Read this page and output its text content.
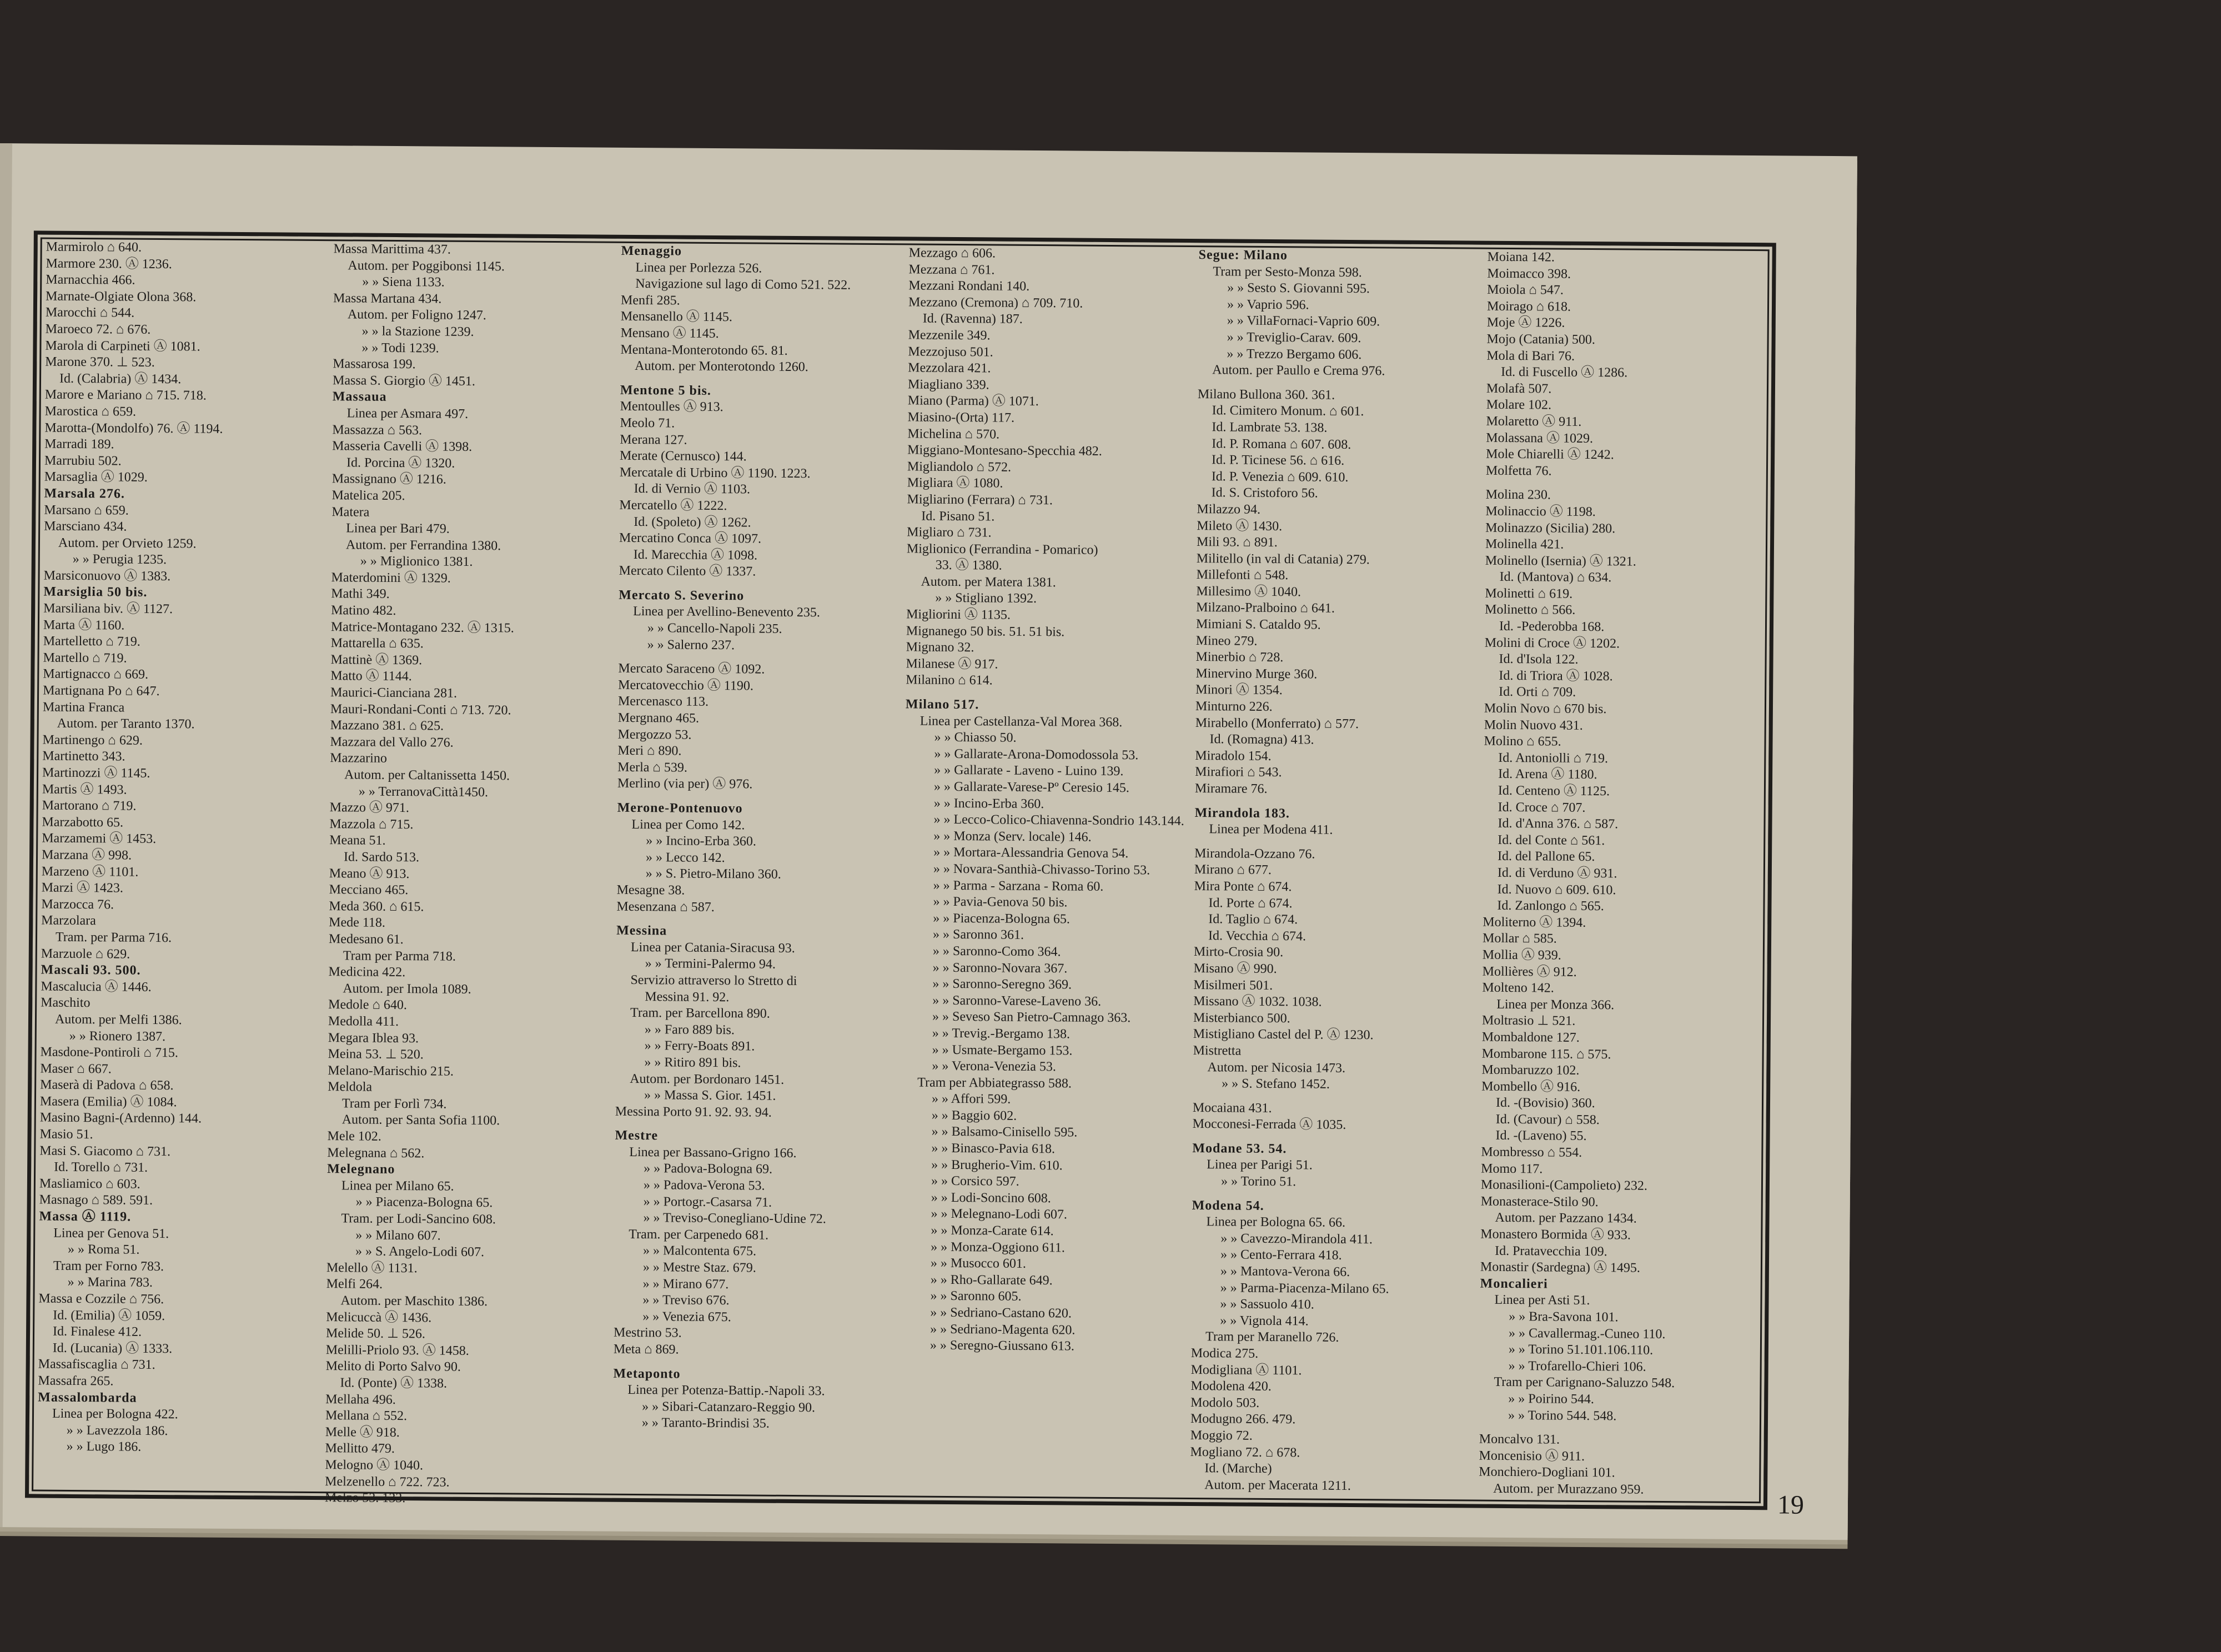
Marmirolo ⌂ 640.
Marmore 230. Ⓐ 1236.
Marnacchia 466.
Marnate-Olgiate Olona 368.
Marocchi ⌂ 544.
Maroeco 72. ⌂ 676.
Marola di Carpineti Ⓐ 1081.
Marone 370. ⊥ 523.
Id. (Calabria) Ⓐ 1434.
Marore e Mariano ⌂ 715. 718.
Marostica ⌂ 659.
Marotta-(Mondolfo) 76. Ⓐ 1194.
Marradi 189.
Marrubiu 502.
Marsaglia Ⓐ 1029.
Marsala 276.
Marsano ⌂ 659.
Marsciano 434.
Autom. per Orvieto 1259.
» » Perugia 1235.
Marsiconuovo Ⓐ 1383.
Marsiglia 50 bis.
Marsiliana biv. Ⓐ 1127.
Marta Ⓐ 1160.
Martelletto ⌂ 719.
Martello ⌂ 719.
Martignacco ⌂ 669.
Martignana Po ⌂ 647.
Martina Franca
Autom. per Taranto 1370.
Martinengo ⌂ 629.
Martinetto 343.
Martinozzi Ⓐ 1145.
Martis Ⓐ 1493.
Martorano ⌂ 719.
Marzabotto 65.
Marzamemi Ⓐ 1453.
Marzana Ⓐ 998.
Marzeno Ⓐ 1101.
Marzi Ⓐ 1423.
Marzocca 76.
Marzolara
Tram. per Parma 716.
Marzuole ⌂ 629.
Mascali 93. 500.
Mascalucia Ⓐ 1446.
Maschito
Autom. per Melfi 1386.
» » Rionero 1387.
Masdone-Pontiroli ⌂ 715.
Maser ⌂ 667.
Maserà di Padova ⌂ 658.
Masera (Emilia) Ⓐ 1084.
Masino Bagni-(Ardenno) 144.
Masio 51.
Masi S. Giacomo ⌂ 731.
Id. Torello ⌂ 731.
Masliamico ⌂ 603.
Masnago ⌂ 589. 591.
Massa Ⓐ 1119.
Linea per Genova 51.
» » Roma 51.
Tram per Forno 783.
» » Marina 783.
Massa e Cozzile ⌂ 756.
Id. (Emilia) Ⓐ 1059.
Id. Finalese 412.
Id. (Lucania) Ⓐ 1333.
Massafiscaglia ⌂ 731.
Massafra 265.
Massalombarda
Linea per Bologna 422.
» » Lavezzola 186.
» » Lugo 186.
Massa Marittima 437.
Autom. per Poggibonsi 1145.
» » Siena 1133.
Massa Martana 434.
Autom. per Foligno 1247.
» » la Stazione 1239.
» » Todi 1239.
Massarosa 199.
Massa S. Giorgio Ⓐ 1451.
Massaua
Linea per Asmara 497.
Massazza ⌂ 563.
Masseria Cavelli Ⓐ 1398.
Id. Porcina Ⓐ 1320.
Massignano Ⓐ 1216.
Matelica 205.
Matera
Linea per Bari 479.
Autom. per Ferrandina 1380.
» » Miglionico 1381.
Materdomini Ⓐ 1329.
Mathi 349.
Matino 482.
Matrice-Montagano 232. Ⓐ 1315.
Mattarella ⌂ 635.
Mattinè Ⓐ 1369.
Matto Ⓐ 1144.
Maurici-Cianciana 281.
Mauri-Rondani-Conti ⌂ 713. 720.
Mazzano 381. ⌂ 625.
Mazzara del Vallo 276.
Mazzarino
Autom. per Caltanissetta 1450.
» » TerranovaCittà1450.
Mazzo Ⓐ 971.
Mazzola ⌂ 715.
Meana 51.
Id. Sardo 513.
Meano Ⓐ 913.
Mecciano 465.
Meda 360. ⌂ 615.
Mede 118.
Medesano 61.
Tram per Parma 718.
Medicina 422.
Autom. per Imola 1089.
Medole ⌂ 640.
Medolla 411.
Megara Iblea 93.
Meina 53. ⊥ 520.
Melano-Marischio 215.
Meldola
Tram per Forlì 734.
Autom. per Santa Sofia 1100.
Mele 102.
Melegnana ⌂ 562.
Melegnano
Linea per Milano 65.
» » Piacenza-Bologna 65.
Tram. per Lodi-Sancino 608.
» » Milano 607.
» » S. Angelo-Lodi 607.
Melello Ⓐ 1131.
Melfi 264.
Autom. per Maschito 1386.
Melicuccà Ⓐ 1436.
Melide 50. ⊥ 526.
Melilli-Priolo 93. Ⓐ 1458.
Melito di Porto Salvo 90.
Id. (Ponte) Ⓐ 1338.
Mellaha 496.
Mellana ⌂ 552.
Melle Ⓐ 918.
Mellitto 479.
Melogno Ⓐ 1040.
Melzenello ⌂ 722. 723.
Melzo 53. 133.
Menaggio
Linea per Porlezza 526.
Navigazione sul lago di Como 521. 522.
Menfi 285.
Mensanello Ⓐ 1145.
Mensano Ⓐ 1145.
Mentana-Monterotondo 65. 81.
Autom. per Monterotondo 1260.
Mentone 5 bis.
Mentoulles Ⓐ 913.
Meolo 71.
Merana 127.
Merate (Cernusco) 144.
Mercatale di Urbino Ⓐ 1190. 1223.
Id. di Vernio Ⓐ 1103.
Mercatello Ⓐ 1222.
Id. (Spoleto) Ⓐ 1262.
Mercatino Conca Ⓐ 1097.
Id. Marecchia Ⓐ 1098.
Mercato Cilento Ⓐ 1337.
Mercato S. Severino
Linea per Avellino-Benevento 235.
» » Cancello-Napoli 235.
» » Salerno 237.
Mercato Saraceno Ⓐ 1092.
Mercatovecchio Ⓐ 1190.
Mercenasco 113.
Mergnano 465.
Mergozzo 53.
Meri ⌂ 890.
Merla ⌂ 539.
Merlino (via per) Ⓐ 976.
Merone-Pontenuovo
Linea per Como 142.
» » Incino-Erba 360.
» » Lecco 142.
» » S. Pietro-Milano 360.
Mesagne 38.
Mesenzana ⌂ 587.
Messina
Linea per Catania-Siracusa 93.
» » Termini-Palermo 94.
Servizio attraverso lo Stretto di
Messina 91. 92.
Tram. per Barcellona 890.
» » Faro 889 bis.
» » Ferry-Boats 891.
» » Ritiro 891 bis.
Autom. per Bordonaro 1451.
» » Massa S. Gior. 1451.
Messina Porto 91. 92. 93. 94.
Mestre
Linea per Bassano-Grigno 166.
» » Padova-Bologna 69.
» » Padova-Verona 53.
» » Portogr.-Casarsa 71.
» » Treviso-Conegliano-Udine 72.
Tram. per Carpenedo 681.
» » Malcontenta 675.
» » Mestre Staz. 679.
» » Mirano 677.
» » Treviso 676.
» » Venezia 675.
Mestrino 53.
Meta ⌂ 869.
Metaponto
Linea per Potenza-Battip.-Napoli 33.
» » Sibari-Catanzaro-Reggio 90.
» » Taranto-Brindisi 35.
Mezzago ⌂ 606.
Mezzana ⌂ 761.
Mezzani Rondani 140.
Mezzano (Cremona) ⌂ 709. 710.
Id. (Ravenna) 187.
Mezzenile 349.
Mezzojuso 501.
Mezzolara 421.
Miagliano 339.
Miano (Parma) Ⓐ 1071.
Miasino-(Orta) 117.
Michelina ⌂ 570.
Miggiano-Montesano-Specchia 482.
Migliandolo ⌂ 572.
Migliara Ⓐ 1080.
Migliarino (Ferrara) ⌂ 731.
Id. Pisano 51.
Migliaro ⌂ 731.
Miglionico (Ferrandina - Pomarico)
33. Ⓐ 1380.
Autom. per Matera 1381.
» » Stigliano 1392.
Migliorini Ⓐ 1135.
Mignanego 50 bis. 51. 51 bis.
Mignano 32.
Milanese Ⓐ 917.
Milanino ⌂ 614.
Milano 517.
Linea per Castellanza-Val Morea 368.
» » Chiasso 50.
» » Gallarate-Arona-Domodossola 53.
» » Gallarate - Laveno - Luino 139.
» » Gallarate-Varese-Pº Ceresio 145.
» » Incino-Erba 360.
» » Lecco-Colico-Chiavenna-Sondrio 143.144.
» » Monza (Serv. locale) 146.
» » Mortara-Alessandria Genova 54.
» » Novara-Santhià-Chivasso-Torino 53.
» » Parma - Sarzana - Roma 60.
» » Pavia-Genova 50 bis.
» » Piacenza-Bologna 65.
» » Saronno 361.
» » Saronno-Como 364.
» » Saronno-Novara 367.
» » Saronno-Seregno 369.
» » Saronno-Varese-Laveno 36.
» » Seveso San Pietro-Camnago 363.
» » Trevig.-Bergamo 138.
» » Usmate-Bergamo 153.
» » Verona-Venezia 53.
Tram per Abbiategrasso 588.
» » Affori 599.
» » Baggio 602.
» » Balsamo-Cinisello 595.
» » Binasco-Pavia 618.
» » Brugherio-Vim. 610.
» » Corsico 597.
» » Lodi-Soncino 608.
» » Melegnano-Lodi 607.
» » Monza-Carate 614.
» » Monza-Oggiono 611.
» » Musocco 601.
» » Rho-Gallarate 649.
» » Saronno 605.
» » Sedriano-Castano 620.
» » Sedriano-Magenta 620.
» » Seregno-Giussano 613.
Segue: Milano
Tram per Sesto-Monza 598.
» » Sesto S. Giovanni 595.
» » Vaprio 596.
» » VillaFornaci-Vaprio 609.
» » Treviglio-Carav. 609.
» » Trezzo Bergamo 606.
Autom. per Paullo e Crema 976.
Milano Bullona 360. 361.
Id. Cimitero Monum. ⌂ 601.
Id. Lambrate 53. 138.
Id. P. Romana ⌂ 607. 608.
Id. P. Ticinese 56. ⌂ 616.
Id. P. Venezia ⌂ 609. 610.
Id. S. Cristoforo 56.
Milazzo 94.
Mileto Ⓐ 1430.
Mili 93. ⌂ 891.
Militello (in val di Catania) 279.
Millefonti ⌂ 548.
Millesimo Ⓐ 1040.
Milzano-Pralboino ⌂ 641.
Mimiani S. Cataldo 95.
Mineo 279.
Minerbio ⌂ 728.
Minervino Murge 360.
Minori Ⓐ 1354.
Minturno 226.
Mirabello (Monferrato) ⌂ 577.
Id. (Romagna) 413.
Miradolo 154.
Mirafiori ⌂ 543.
Miramare 76.
Mirandola 183.
Linea per Modena 411.
Mirandola-Ozzano 76.
Mirano ⌂ 677.
Mira Ponte ⌂ 674.
Id. Porte ⌂ 674.
Id. Taglio ⌂ 674.
Id. Vecchia ⌂ 674.
Mirto-Crosia 90.
Misano Ⓐ 990.
Misilmeri 501.
Missano Ⓐ 1032. 1038.
Misterbianco 500.
Mistigliano Castel del P. Ⓐ 1230.
Mistretta
Autom. per Nicosia 1473.
» » S. Stefano 1452.
Mocaiana 431.
Mocconesi-Ferrada Ⓐ 1035.
Modane 53. 54.
Linea per Parigi 51.
» » Torino 51.
Modena 54.
Linea per Bologna 65. 66.
» » Cavezzo-Mirandola 411.
» » Cento-Ferrara 418.
» » Mantova-Verona 66.
» » Parma-Piacenza-Milano 65.
» » Sassuolo 410.
» » Vignola 414.
Tram per Maranello 726.
Modica 275.
Modigliana Ⓐ 1101.
Modolena 420.
Modolo 503.
Modugno 266. 479.
Moggio 72.
Mogliano 72. ⌂ 678.
Id. (Marche)
Autom. per Macerata 1211.
Moiana 142.
Moimacco 398.
Moiola ⌂ 547.
Moirago ⌂ 618.
Moje Ⓐ 1226.
Mojo (Catania) 500.
Mola di Bari 76.
Id. di Fuscello Ⓐ 1286.
Molafà 507.
Molare 102.
Molaretto Ⓐ 911.
Molassana Ⓐ 1029.
Mole Chiarelli Ⓐ 1242.
Molfetta 76.
Molina 230.
Molinaccio Ⓐ 1198.
Molinazzo (Sicilia) 280.
Molinella 421.
Molinello (Isernia) Ⓐ 1321.
Id. (Mantova) ⌂ 634.
Molinetti ⌂ 619.
Molinetto ⌂ 566.
Id. -Pederobba 168.
Molini di Croce Ⓐ 1202.
Id. d'Isola 122.
Id. di Triora Ⓐ 1028.
Id. Orti ⌂ 709.
Molin Novo ⌂ 670 bis.
Molin Nuovo 431.
Molino ⌂ 655.
Id. Antoniolli ⌂ 719.
Id. Arena Ⓐ 1180.
Id. Centeno Ⓐ 1125.
Id. Croce ⌂ 707.
Id. d'Anna 376. ⌂ 587.
Id. del Conte ⌂ 561.
Id. del Pallone 65.
Id. di Verduno Ⓐ 931.
Id. Nuovo ⌂ 609. 610.
Id. Zanlongo ⌂ 565.
Moliterno Ⓐ 1394.
Mollar ⌂ 585.
Mollia Ⓐ 939.
Mollières Ⓐ 912.
Molteno 142.
Linea per Monza 366.
Moltrasio ⊥ 521.
Mombaldone 127.
Mombarone 115. ⌂ 575.
Mombaruzzo 102.
Mombello Ⓐ 916.
Id. -(Bovisio) 360.
Id. (Cavour) ⌂ 558.
Id. -(Laveno) 55.
Mombresso ⌂ 554.
Momo 117.
Monasilioni-(Campolieto) 232.
Monasterace-Stilo 90.
Autom. per Pazzano 1434.
Monastero Bormida Ⓐ 933.
Id. Pratavecchia 109.
Monastir (Sardegna) Ⓐ 1495.
Moncalieri
Linea per Asti 51.
» » Bra-Savona 101.
» » Cavallermag.-Cuneo 110.
» » Torino 51.101.106.110.
» » Trofarello-Chieri 106.
Tram per Carignano-Saluzzo 548.
» » Poirino 544.
» » Torino 544. 548.
Moncalvo 131.
Moncenisio Ⓐ 911.
Monchiero-Dogliani 101.
Autom. per Murazzano 959.
19
